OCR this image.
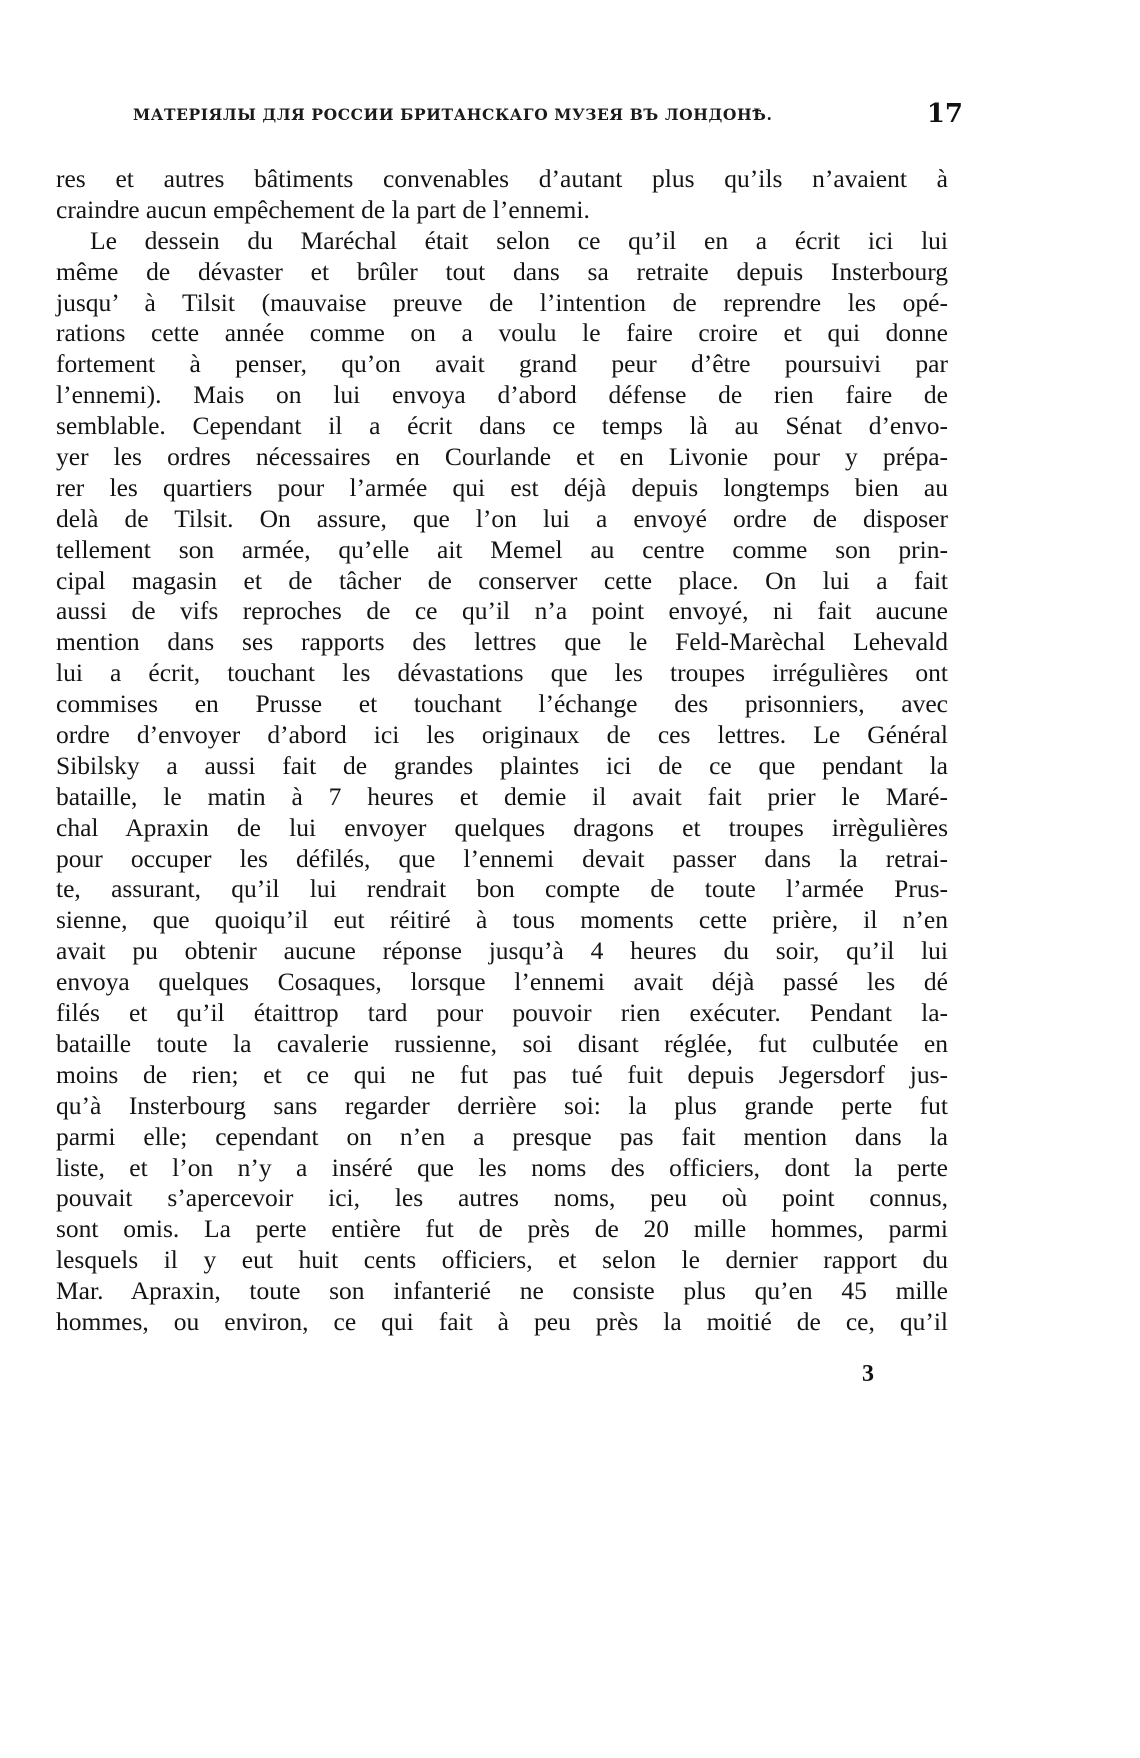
МАТЕРІЯЛЫ ДЛЯ РОССИИ БРИТАНСКАГО МУЗЕЯ ВЪ ЛОНДОНѢ.	17
res et autres bâtiments convenables d’autant plus qu’ils n’avaient à
craindre aucun empêchement de la part de l’ennemi.
Le dessein du Maréchal était selon ce qu’il en a écrit ici lui
même de dévaster et brûler tout dans sa retraite depuis Insterbourg
jusqu’ à Tilsit (mauvaise preuve de l’intention de reprendre les opé-
rations cette année comme on a voulu le faire croire et qui donne
fortement à penser, qu’on avait grand peur d’être poursuivi par
l’ennemi). Mais on lui envoya d’abord défense de rien faire de
semblable. Cependant il a écrit dans ce temps là au Sénat d’envo-
yer les ordres nécessaires en Courlande et en Livonie pour y prépa-
rer les quartiers pour l’armée qui est déjà depuis longtemps bien au
delà de Tilsit. On assure, que l’on lui a envoyé ordre de disposer
tellement son armée, qu’elle ait Memel au centre comme son prin-
cipal magasin et de tâcher de conserver cette place. On lui a fait
aussi de vifs reproches de ce qu’il n’a point envoyé, ni fait aucune
mention dans ses rapports des lettres que le Feld-Marèchal Lehevald
lui a écrit, touchant les dévastations que les troupes irrégulières ont
commises en Prusse et touchant l’échange des prisonniers, avec
ordre d’envoyer d’abord ici les originaux de ces lettres. Le Général
Sibilsky a aussi fait de grandes plaintes ici de ce que pendant la
bataille, le matin à 7 heures et demie il avait fait prier le Maré-
chal Apraxin de lui envoyer quelques dragons et troupes irrègulières
pour occuper les défilés, que l’ennemi devait passer dans la retrai-
te, assurant, qu’il lui rendrait bon compte de toute l’armée Prus-
sienne, que quoiqu’il eut réitiré à tous moments cette prière, il n’en
avait pu obtenir aucune réponse jusqu’à 4 heures du soir, qu’il lui
envoya quelques Cosaques, lorsque l’ennemi avait déjà passé les dé
filés et qu’il étaittrop tard pour pouvoir rien exécuter. Pendant la-
bataille toute la cavalerie russienne, soi disant réglée, fut culbutée en
moins de rien; et ce qui ne fut pas tué fuit depuis Jegersdorf jus-
qu’à Insterbourg sans regarder derrière soi: la plus grande perte fut
parmi elle; cependant on n’en a presque pas fait mention dans la
liste, et l’on n’y a inséré que les noms des officiers, dont la perte
pouvait s’apercevoir ici, les autres noms, peu où point connus,
sont omis. La perte entière fut de près de 20 mille hommes, parmi
lesquels il y eut huit cents officiers, et selon le dernier rapport du
Mar. Apraxin, toute son infanterié ne consiste plus qu’en 45 mille
hommes, ou environ, ce qui fait à peu près la moitié de ce, qu’il
3
